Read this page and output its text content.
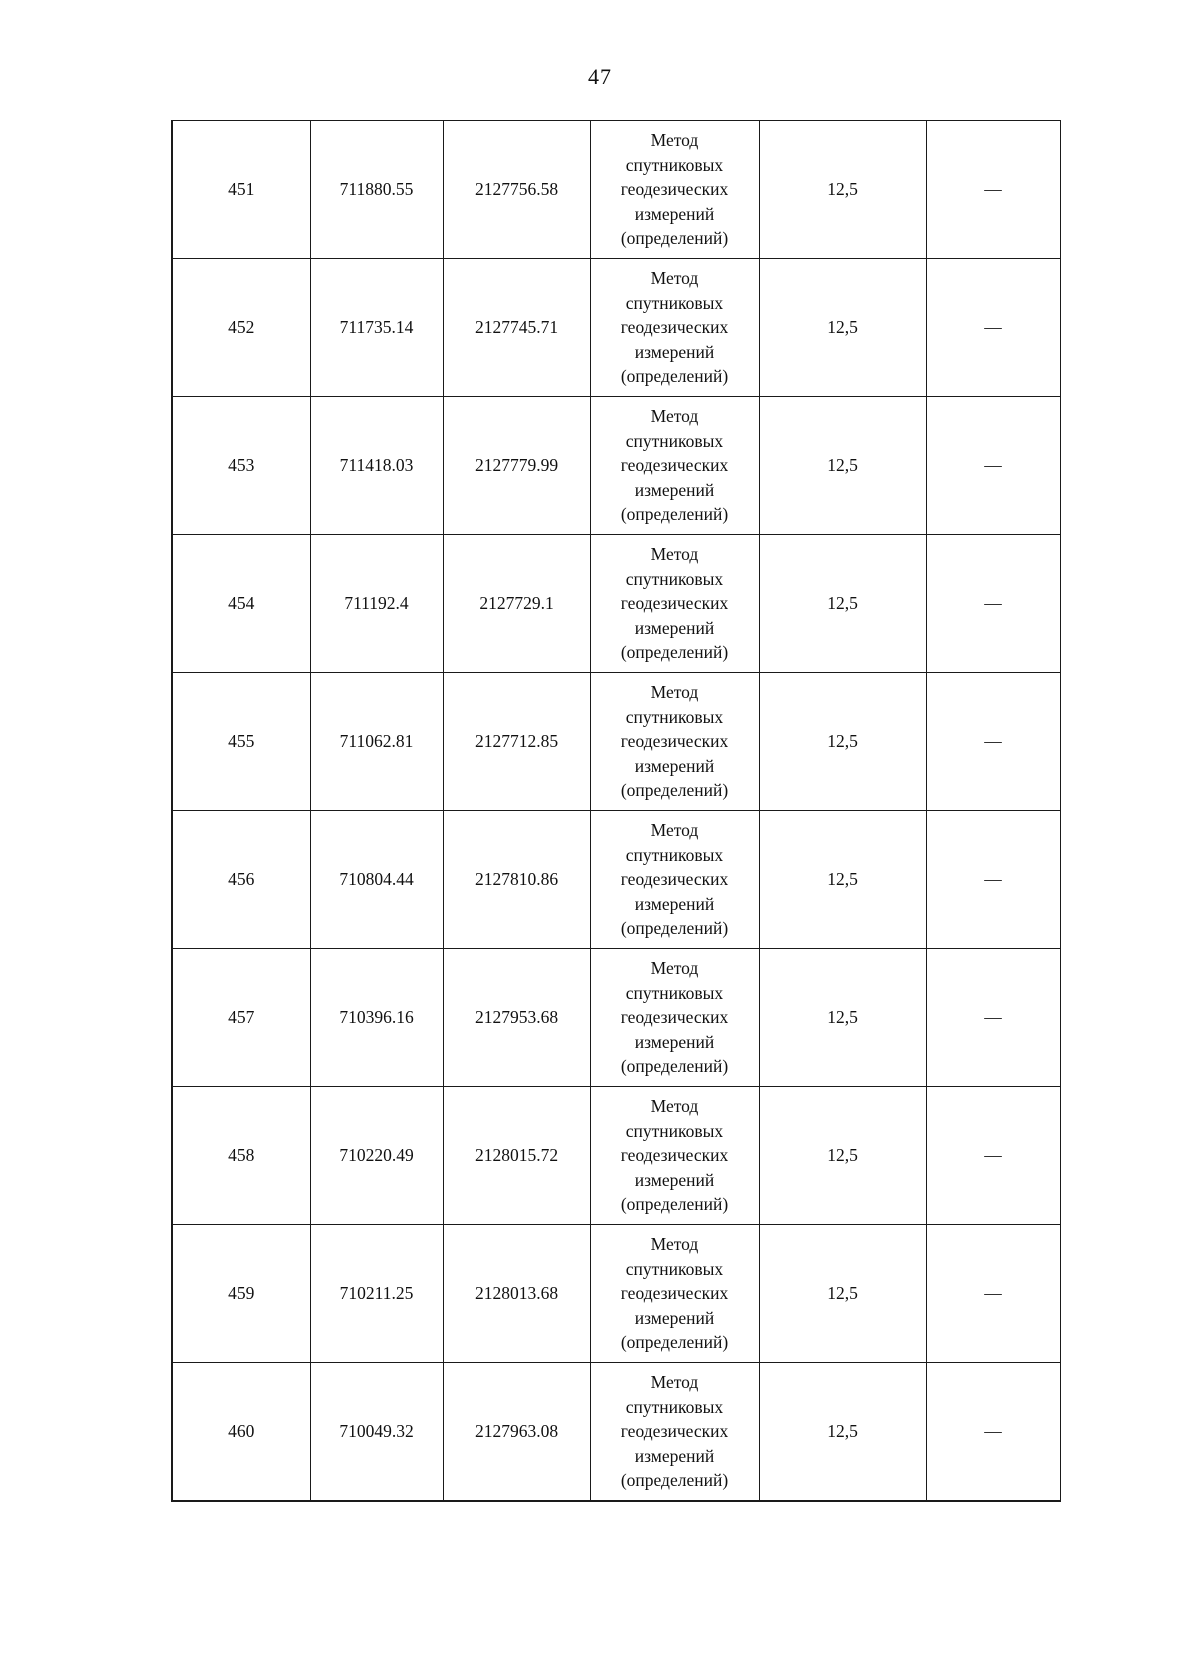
47
451	711880.55	2127756.58	Метод
спутниковых
геодезических
измерений
(определений)	12,5	—
452	711735.14	2127745.71	Метод
спутниковых
геодезических
измерений
(определений)	12,5	—
453	711418.03	2127779.99	Метод
спутниковых
геодезических
измерений
(определений)	12,5	—
454	711192.4	2127729.1	Метод
спутниковых
геодезических
измерений
(определений)	12,5	—
455	711062.81	2127712.85	Метод
спутниковых
геодезических
измерений
(определений)	12,5	—
456	710804.44	2127810.86	Метод
спутниковых
геодезических
измерений
(определений)	12,5	—
457	710396.16	2127953.68	Метод
спутниковых
геодезических
измерений
(определений)	12,5	—
458	710220.49	2128015.72	Метод
спутниковых
геодезических
измерений
(определений)	12,5	—
459	710211.25	2128013.68	Метод
спутниковых
геодезических
измерений
(определений)	12,5	—
460	710049.32	2127963.08	Метод
спутниковых
геодезических
измерений
(определений)	12,5	—
